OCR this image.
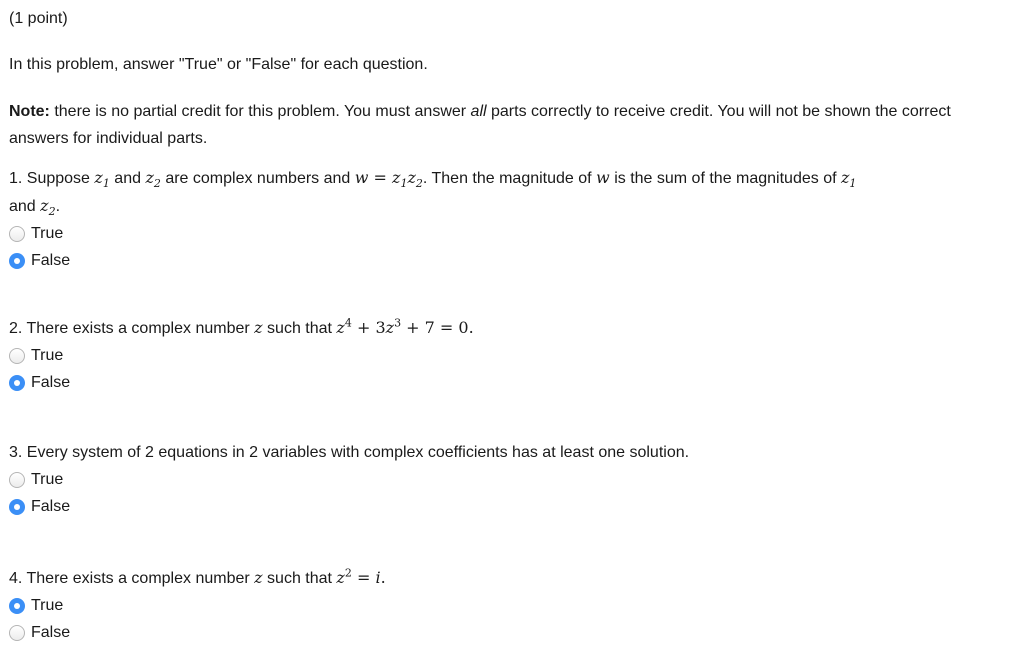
(1 point)
In this problem, answer "True" or "False" for each question.
Note: there is no partial credit for this problem. You must answer all parts correctly to receive credit. You will not be shown the correct answers for individual parts.
1. Suppose $z_1$ and $z_2$ are complex numbers and $w = z_1z_2$. Then the magnitude of w is the sum of the magnitudes of $z_1$
and $z_2$.
True
False
2. There exists a complex number z such that $z^4 + 3z^3 + 7 = 0$.
True
False
3. Every system of 2 equations in 2 variables with complex coefficients has at least one solution.
True
False
4. There exists a complex number z such that $z^2 = i$.
True
False
